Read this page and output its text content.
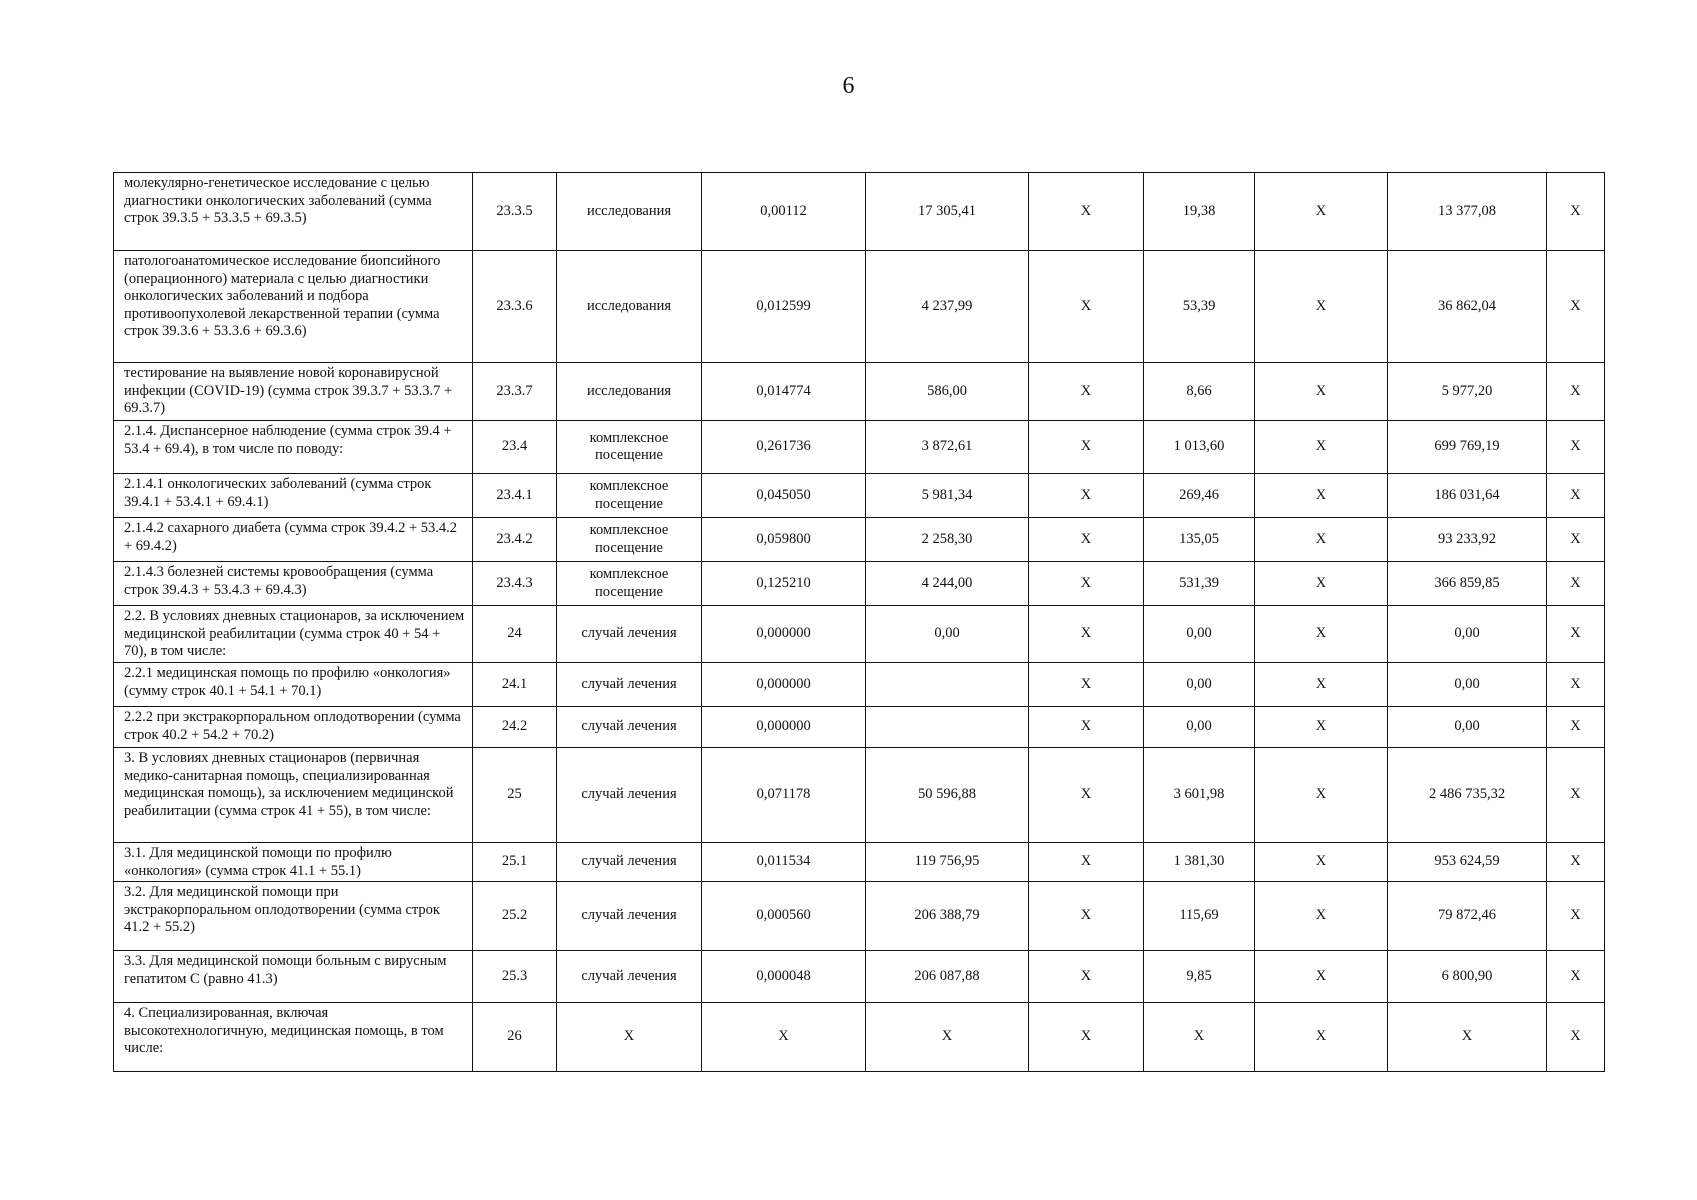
6
молекулярно-генетическое исследование с целью диагностики онкологических заболеваний (сумма строк 39.3.5 + 53.3.5 + 69.3.5)	23.3.5	исследования	0,00112	17 305,41	X	19,38	X	13 377,08	X
патологоанатомическое исследование биопсийного (операционного) материала с целью диагностики онкологических заболеваний и подбора противоопухолевой лекарственной терапии (сумма строк 39.3.6 + 53.3.6 + 69.3.6)	23.3.6	исследования	0,012599	4 237,99	X	53,39	X	36 862,04	X
тестирование на выявление новой коронавирусной инфекции (COVID-19) (сумма строк 39.3.7 + 53.3.7 + 69.3.7)	23.3.7	исследования	0,014774	586,00	X	8,66	X	5 977,20	X
2.1.4. Диспансерное наблюдение (сумма строк 39.4 + 53.4 + 69.4), в том числе по поводу:	23.4	комплексное посещение	0,261736	3 872,61	X	1 013,60	X	699 769,19	X
2.1.4.1 онкологических заболеваний (сумма строк 39.4.1 + 53.4.1 + 69.4.1)	23.4.1	комплексное посещение	0,045050	5 981,34	X	269,46	X	186 031,64	X
2.1.4.2 сахарного диабета (сумма строк 39.4.2 + 53.4.2 + 69.4.2)	23.4.2	комплексное посещение	0,059800	2 258,30	X	135,05	X	93 233,92	X
2.1.4.3 болезней системы кровообращения (сумма строк 39.4.3 + 53.4.3 + 69.4.3)	23.4.3	комплексное посещение	0,125210	4 244,00	X	531,39	X	366 859,85	X
2.2. В условиях дневных стационаров, за исключением медицинской реабилитации (сумма строк 40 + 54 + 70), в том числе:	24	случай лечения	0,000000	0,00	X	0,00	X	0,00	X
2.2.1 медицинская помощь по профилю «онкология» (сумму строк 40.1 + 54.1 + 70.1)	24.1	случай лечения	0,000000		X	0,00	X	0,00	X
2.2.2 при экстракорпоральном оплодотворении (сумма строк 40.2 + 54.2 + 70.2)	24.2	случай лечения	0,000000		X	0,00	X	0,00	X
3. В условиях дневных стационаров (первичная медико-санитарная помощь, специализированная медицинская помощь), за исключением медицинской реабилитации (сумма строк 41 + 55), в том числе:	25	случай лечения	0,071178	50 596,88	X	3 601,98	X	2 486 735,32	X
3.1. Для медицинской помощи по профилю «онкология» (сумма строк 41.1 + 55.1)	25.1	случай лечения	0,011534	119 756,95	X	1 381,30	X	953 624,59	X
3.2. Для медицинской помощи при экстракорпоральном оплодотворении (сумма строк 41.2 + 55.2)	25.2	случай лечения	0,000560	206 388,79	X	115,69	X	79 872,46	X
3.3. Для медицинской помощи больным с вирусным гепатитом С (равно 41.3)	25.3	случай лечения	0,000048	206 087,88	X	9,85	X	6 800,90	X
4. Специализированная, включая высокотехнологичную, медицинская помощь, в том числе:	26	X	X	X	X	X	X	X	X
